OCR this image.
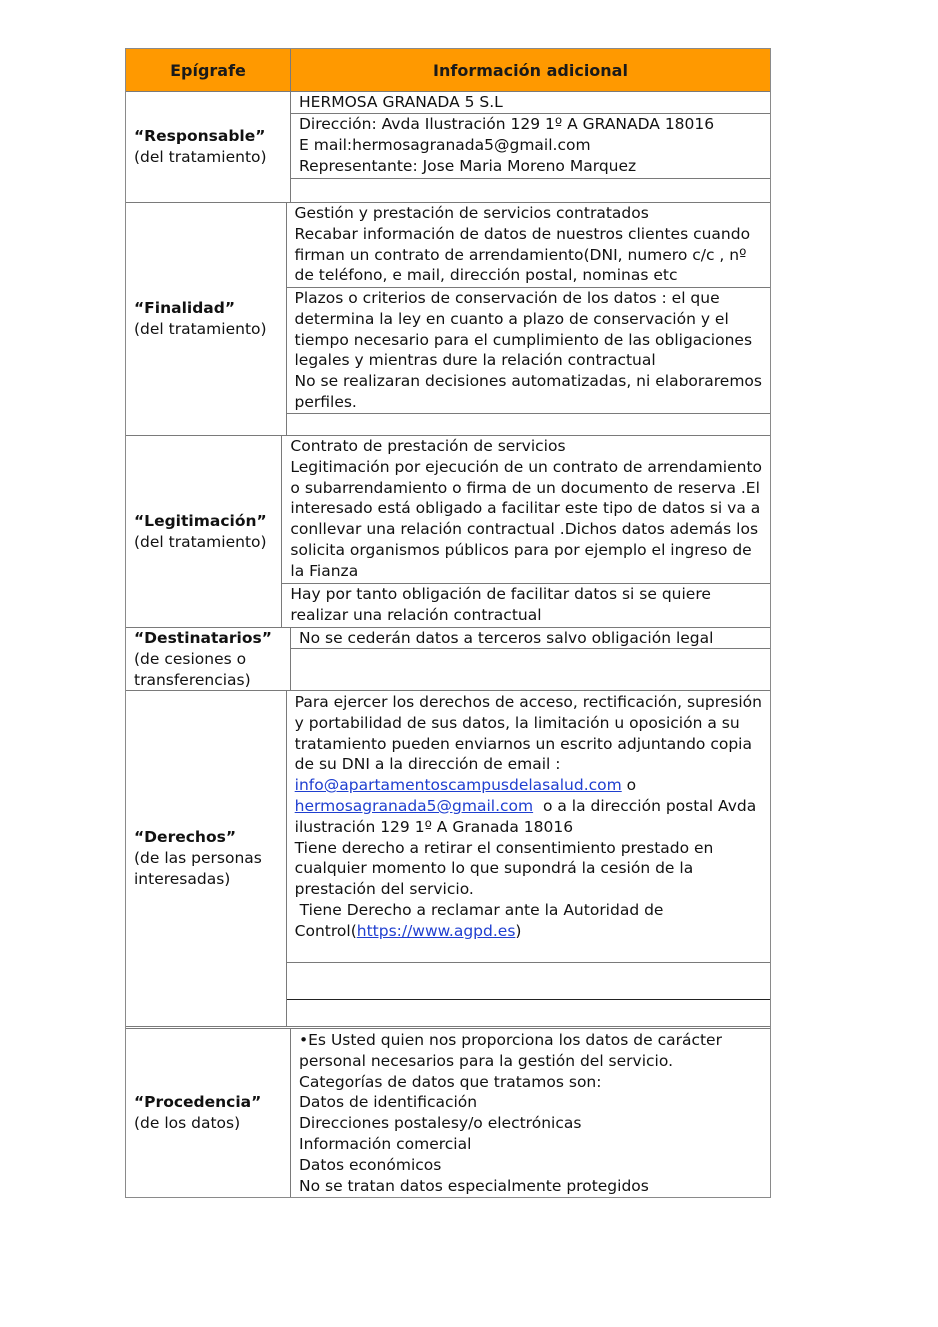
Epígrafe	Información adicional
“Responsable”
(del tratamiento)
HERMOSA GRANADA 5 S.L
Dirección: Avda Ilustración 129 1º A GRANADA 18016
E mail:hermosagranada5@gmail.com
Representante: Jose Maria Moreno Marquez
“Finalidad”
(del tratamiento)
Gestión y prestación de servicios contratados
Recabar información de datos de nuestros clientes cuando
firman un contrato de arrendamiento(DNI, numero c/c , nº
de teléfono, e mail, dirección postal, nominas etc
Plazos o criterios de conservación de los datos : el que
determina la ley en cuanto a plazo de conservación y el
tiempo necesario para el cumplimiento de las obligaciones
legales y mientras dure la relación contractual
No se realizaran decisiones automatizadas, ni elaboraremos
perfiles.
“Legitimación”
(del tratamiento)
Contrato de prestación de servicios
Legitimación por ejecución de un contrato de arrendamiento
o subarrendamiento o firma de un documento de reserva .El
interesado está obligado a facilitar este tipo de datos si va a
conllevar una relación contractual .Dichos datos además los
solicita organismos públicos para por ejemplo el ingreso de
la Fianza
Hay por tanto obligación de facilitar datos si se quiere
realizar una relación contractual
“Destinatarios”
(de cesiones o
transferencias)
No se cederán datos a terceros salvo obligación legal
“Derechos”
(de las personas
interesadas)
Para ejercer los derechos de acceso, rectificación, supresión
y portabilidad de sus datos, la limitación u oposición a su
tratamiento pueden enviarnos un escrito adjuntando copia
de su DNI a la dirección de email :
info@apartamentoscampusdelasalud.com o
hermosagranada5@gmail.com  o a la dirección postal Avda
ilustración 129 1º A Granada 18016
Tiene derecho a retirar el consentimiento prestado en
cualquier momento lo que supondrá la cesión de la
prestación del servicio.
Tiene Derecho a reclamar ante la Autoridad de
Control(https://www.agpd.es)
“Procedencia”
(de los datos)
•Es Usted quien nos proporciona los datos de carácter
personal necesarios para la gestión del servicio.
Categorías de datos que tratamos son:
Datos de identificación
Direcciones postalesy/o electrónicas
Información comercial
Datos económicos
No se tratan datos especialmente protegidos
